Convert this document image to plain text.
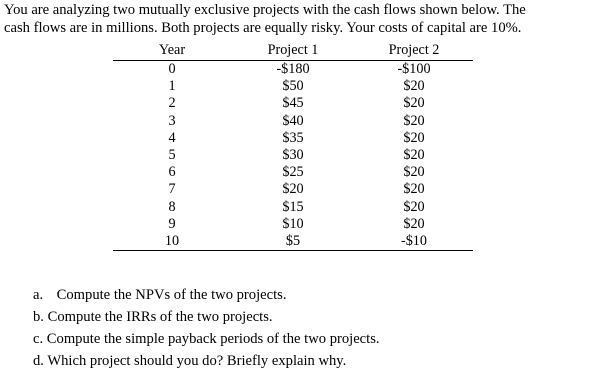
You are analyzing two mutually exclusive projects with the cash flows shown below. The

cash flows are in millions. Both projects are equally risky. Your costs of capital are 10%.

Year	Project 1	Project 2
0	-$180	-$100
1	$50	$20
2	$45	$20
3	$40	$20
4	$35	$20
5	$30	$20
6	$25	$20
7	$20	$20
8	$15	$20
9	$10	$20
10	$5	-$10

a. Compute the NPVs of the two projects.

b. Compute the IRRs of the two projects.

c. Compute the simple payback periods of the two projects.

d. Which project should you do? Briefly explain why.
